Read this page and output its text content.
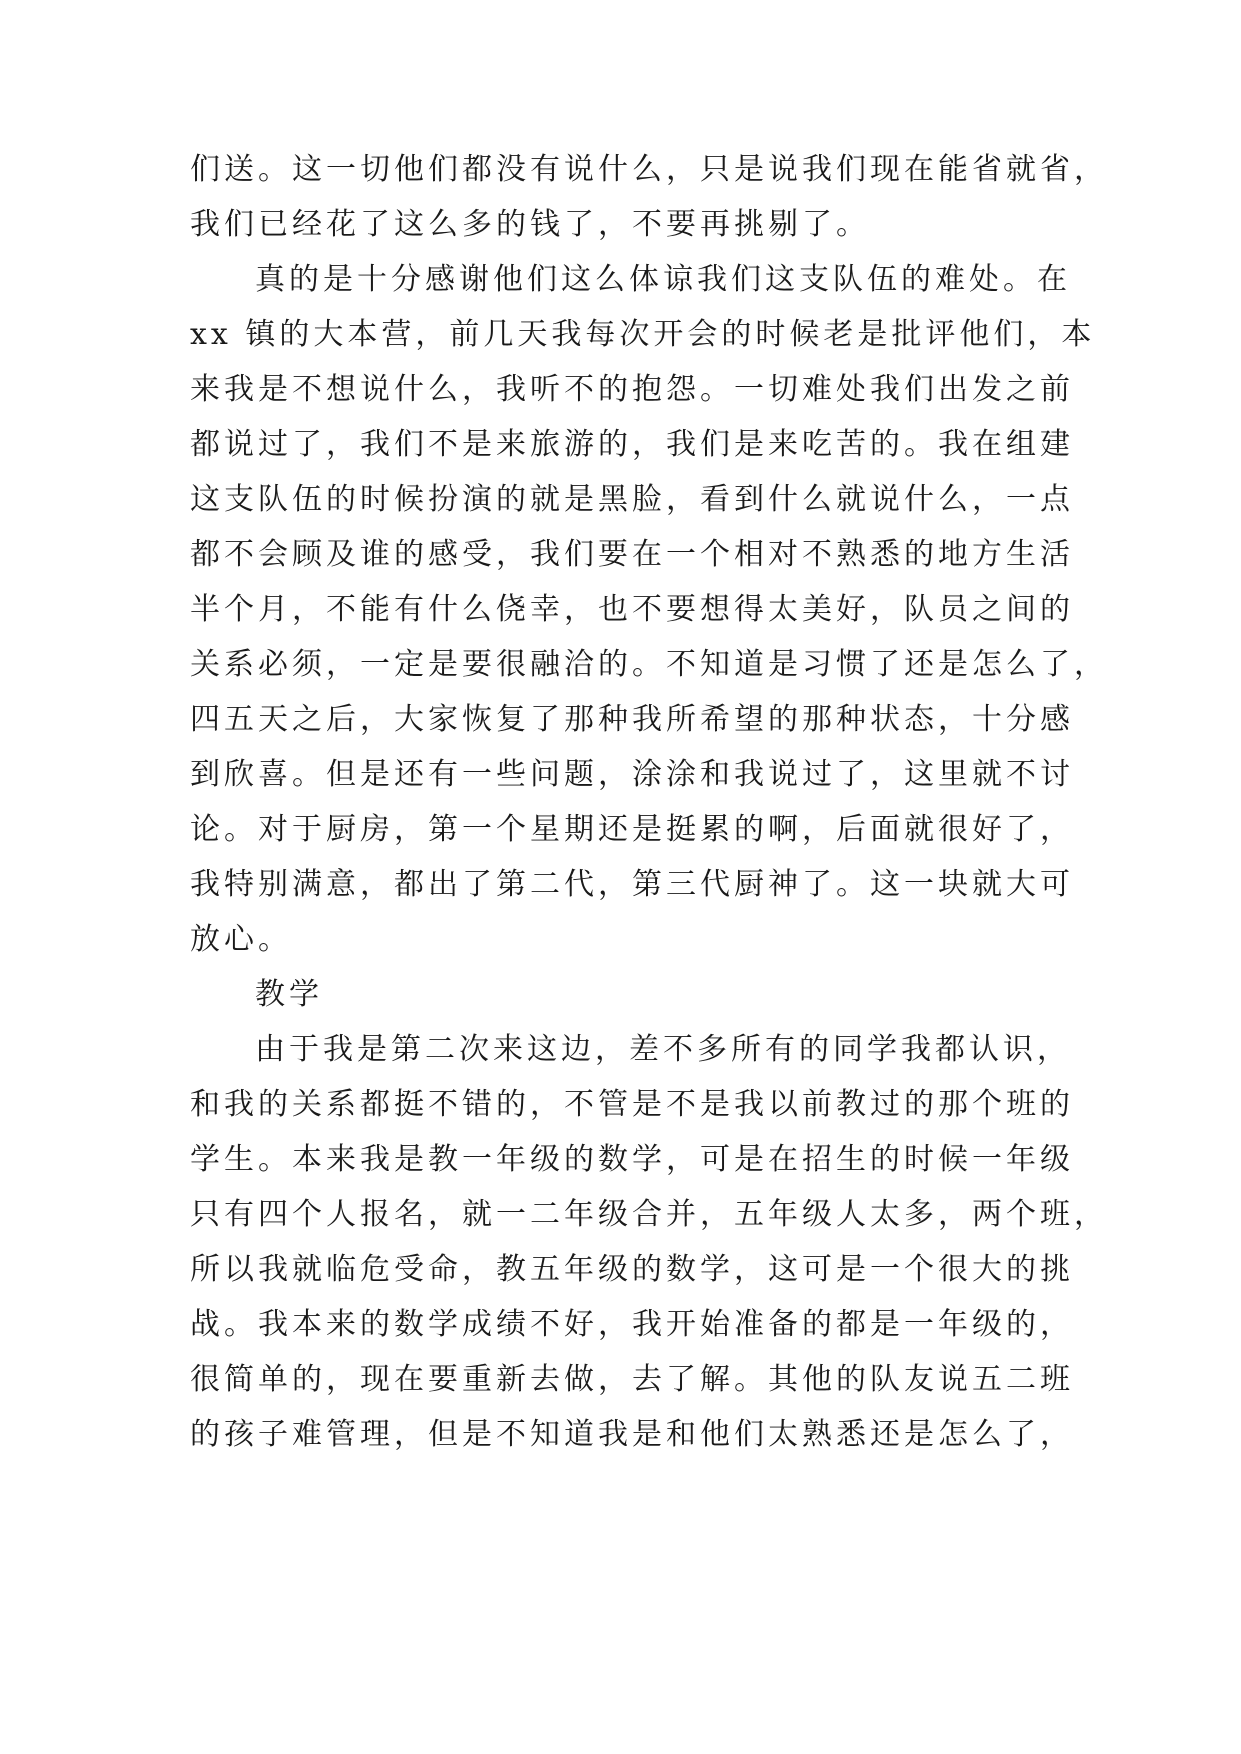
们送。这一切他们都没有说什么，只是说我们现在能省就省，
我们已经花了这么多的钱了，不要再挑剔了。
真的是十分感谢他们这么体谅我们这支队伍的难处。在
xx 镇的大本营，前几天我每次开会的时候老是批评他们，本
来我是不想说什么，我听不的抱怨。一切难处我们出发之前
都说过了，我们不是来旅游的，我们是来吃苦的。我在组建
这支队伍的时候扮演的就是黑脸，看到什么就说什么，一点
都不会顾及谁的感受，我们要在一个相对不熟悉的地方生活
半个月，不能有什么侥幸，也不要想得太美好，队员之间的
关系必须，一定是要很融洽的。不知道是习惯了还是怎么了，
四五天之后，大家恢复了那种我所希望的那种状态，十分感
到欣喜。但是还有一些问题，涂涂和我说过了，这里就不讨
论。对于厨房，第一个星期还是挺累的啊，后面就很好了，
我特别满意，都出了第二代，第三代厨神了。这一块就大可
放心。
教学
由于我是第二次来这边，差不多所有的同学我都认识，
和我的关系都挺不错的，不管是不是我以前教过的那个班的
学生。本来我是教一年级的数学，可是在招生的时候一年级
只有四个人报名，就一二年级合并，五年级人太多，两个班，
所以我就临危受命，教五年级的数学，这可是一个很大的挑
战。我本来的数学成绩不好，我开始准备的都是一年级的，
很简单的，现在要重新去做，去了解。其他的队友说五二班
的孩子难管理，但是不知道我是和他们太熟悉还是怎么了，
